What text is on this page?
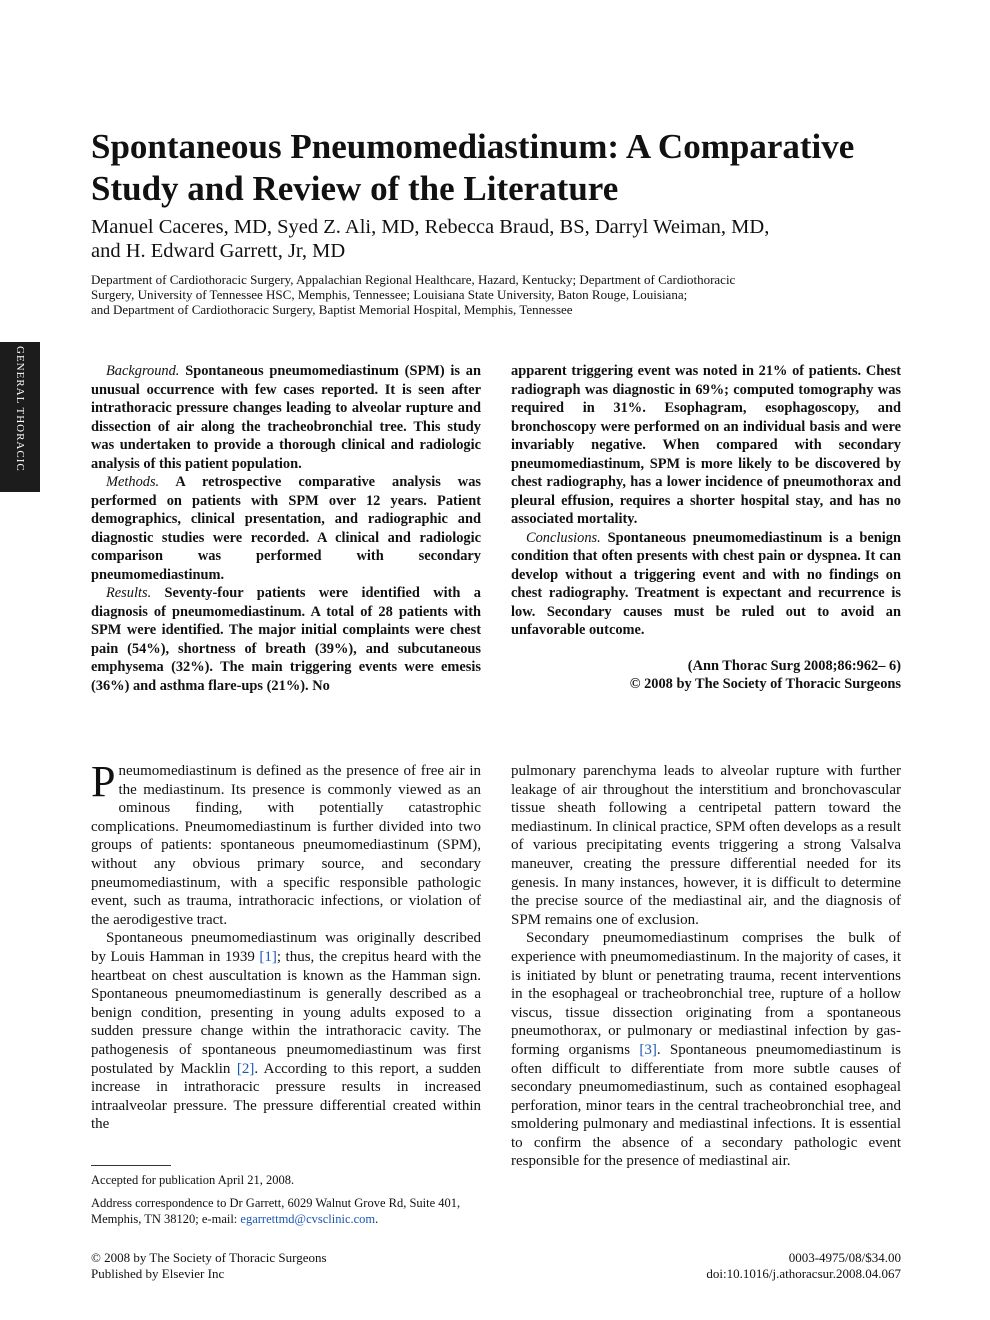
GENERAL THORACIC
Spontaneous Pneumomediastinum: A Comparative Study and Review of the Literature
Manuel Caceres, MD, Syed Z. Ali, MD, Rebecca Braud, BS, Darryl Weiman, MD,
and H. Edward Garrett, Jr, MD
Department of Cardiothoracic Surgery, Appalachian Regional Healthcare, Hazard, Kentucky; Department of Cardiothoracic
Surgery, University of Tennessee HSC, Memphis, Tennessee; Louisiana State University, Baton Rouge, Louisiana;
and Department of Cardiothoracic Surgery, Baptist Memorial Hospital, Memphis, Tennessee

Background. Spontaneous pneumomediastinum (SPM) is an unusual occurrence with few cases reported. It is seen after intrathoracic pressure changes leading to alveolar rupture and dissection of air along the tracheobronchial tree. This study was undertaken to provide a thorough clinical and radiologic analysis of this patient population.

Methods. A retrospective comparative analysis was performed on patients with SPM over 12 years. Patient demographics, clinical presentation, and radiographic and diagnostic studies were recorded. A clinical and radiologic comparison was performed with secondary pneumomediastinum.

Results. Seventy-four patients were identified with a diagnosis of pneumomediastinum. A total of 28 patients with SPM were identified. The major initial complaints were chest pain (54%), shortness of breath (39%), and subcutaneous emphysema (32%). The main triggering events were emesis (36%) and asthma flare-ups (21%). No

apparent triggering event was noted in 21% of patients. Chest radiograph was diagnostic in 69%; computed tomography was required in 31%. Esophagram, esophagoscopy, and bronchoscopy were performed on an individual basis and were invariably negative. When compared with secondary pneumomediastinum, SPM is more likely to be discovered by chest radiography, has a lower incidence of pneumothorax and pleural effusion, requires a shorter hospital stay, and has no associated mortality.

Conclusions. Spontaneous pneumomediastinum is a benign condition that often presents with chest pain or dyspnea. It can develop without a triggering event and with no findings on chest radiography. Treatment is expectant and recurrence is low. Secondary causes must be ruled out to avoid an unfavorable outcome.

(Ann Thorac Surg 2008;86:962– 6)
© 2008 by The Society of Thoracic Surgeons

Pneumomediastinum is defined as the presence of free air in the mediastinum. Its presence is commonly viewed as an ominous finding, with potentially catastrophic complications. Pneumomediastinum is further divided into two groups of patients: spontaneous pneumomediastinum (SPM), without any obvious primary source, and secondary pneumomediastinum, with a specific responsible pathologic event, such as trauma, intrathoracic infections, or violation of the aerodigestive tract.

Spontaneous pneumomediastinum was originally described by Louis Hamman in 1939 [1]; thus, the crepitus heard with the heartbeat on chest auscultation is known as the Hamman sign. Spontaneous pneumomediastinum is generally described as a benign condition, presenting in young adults exposed to a sudden pressure change within the intrathoracic cavity. The pathogenesis of spontaneous pneumomediastinum was first postulated by Macklin [2]. According to this report, a sudden increase in intrathoracic pressure results in increased intraalveolar pressure. The pressure differential created within the

pulmonary parenchyma leads to alveolar rupture with further leakage of air throughout the interstitium and bronchovascular tissue sheath following a centripetal pattern toward the mediastinum. In clinical practice, SPM often develops as a result of various precipitating events triggering a strong Valsalva maneuver, creating the pressure differential needed for its genesis. In many instances, however, it is difficult to determine the precise source of the mediastinal air, and the diagnosis of SPM remains one of exclusion.

Secondary pneumomediastinum comprises the bulk of experience with pneumomediastinum. In the majority of cases, it is initiated by blunt or penetrating trauma, recent interventions in the esophageal or tracheobronchial tree, rupture of a hollow viscus, tissue dissection originating from a spontaneous pneumothorax, or pulmonary or mediastinal infection by gas-forming organisms [3]. Spontaneous pneumomediastinum is often difficult to differentiate from more subtle causes of secondary pneumomediastinum, such as contained esophageal perforation, minor tears in the central tracheobronchial tree, and smoldering pulmonary and mediastinal infections. It is essential to confirm the absence of a secondary pathologic event responsible for the presence of mediastinal air.

Accepted for publication April 21, 2008.

Address correspondence to Dr Garrett, 6029 Walnut Grove Rd, Suite 401,
Memphis, TN 38120; e-mail: egarrettmd@cvsclinic.com.

© 2008 by The Society of Thoracic Surgeons
Published by Elsevier Inc
0003-4975/08/$34.00
doi:10.1016/j.athoracsur.2008.04.067
